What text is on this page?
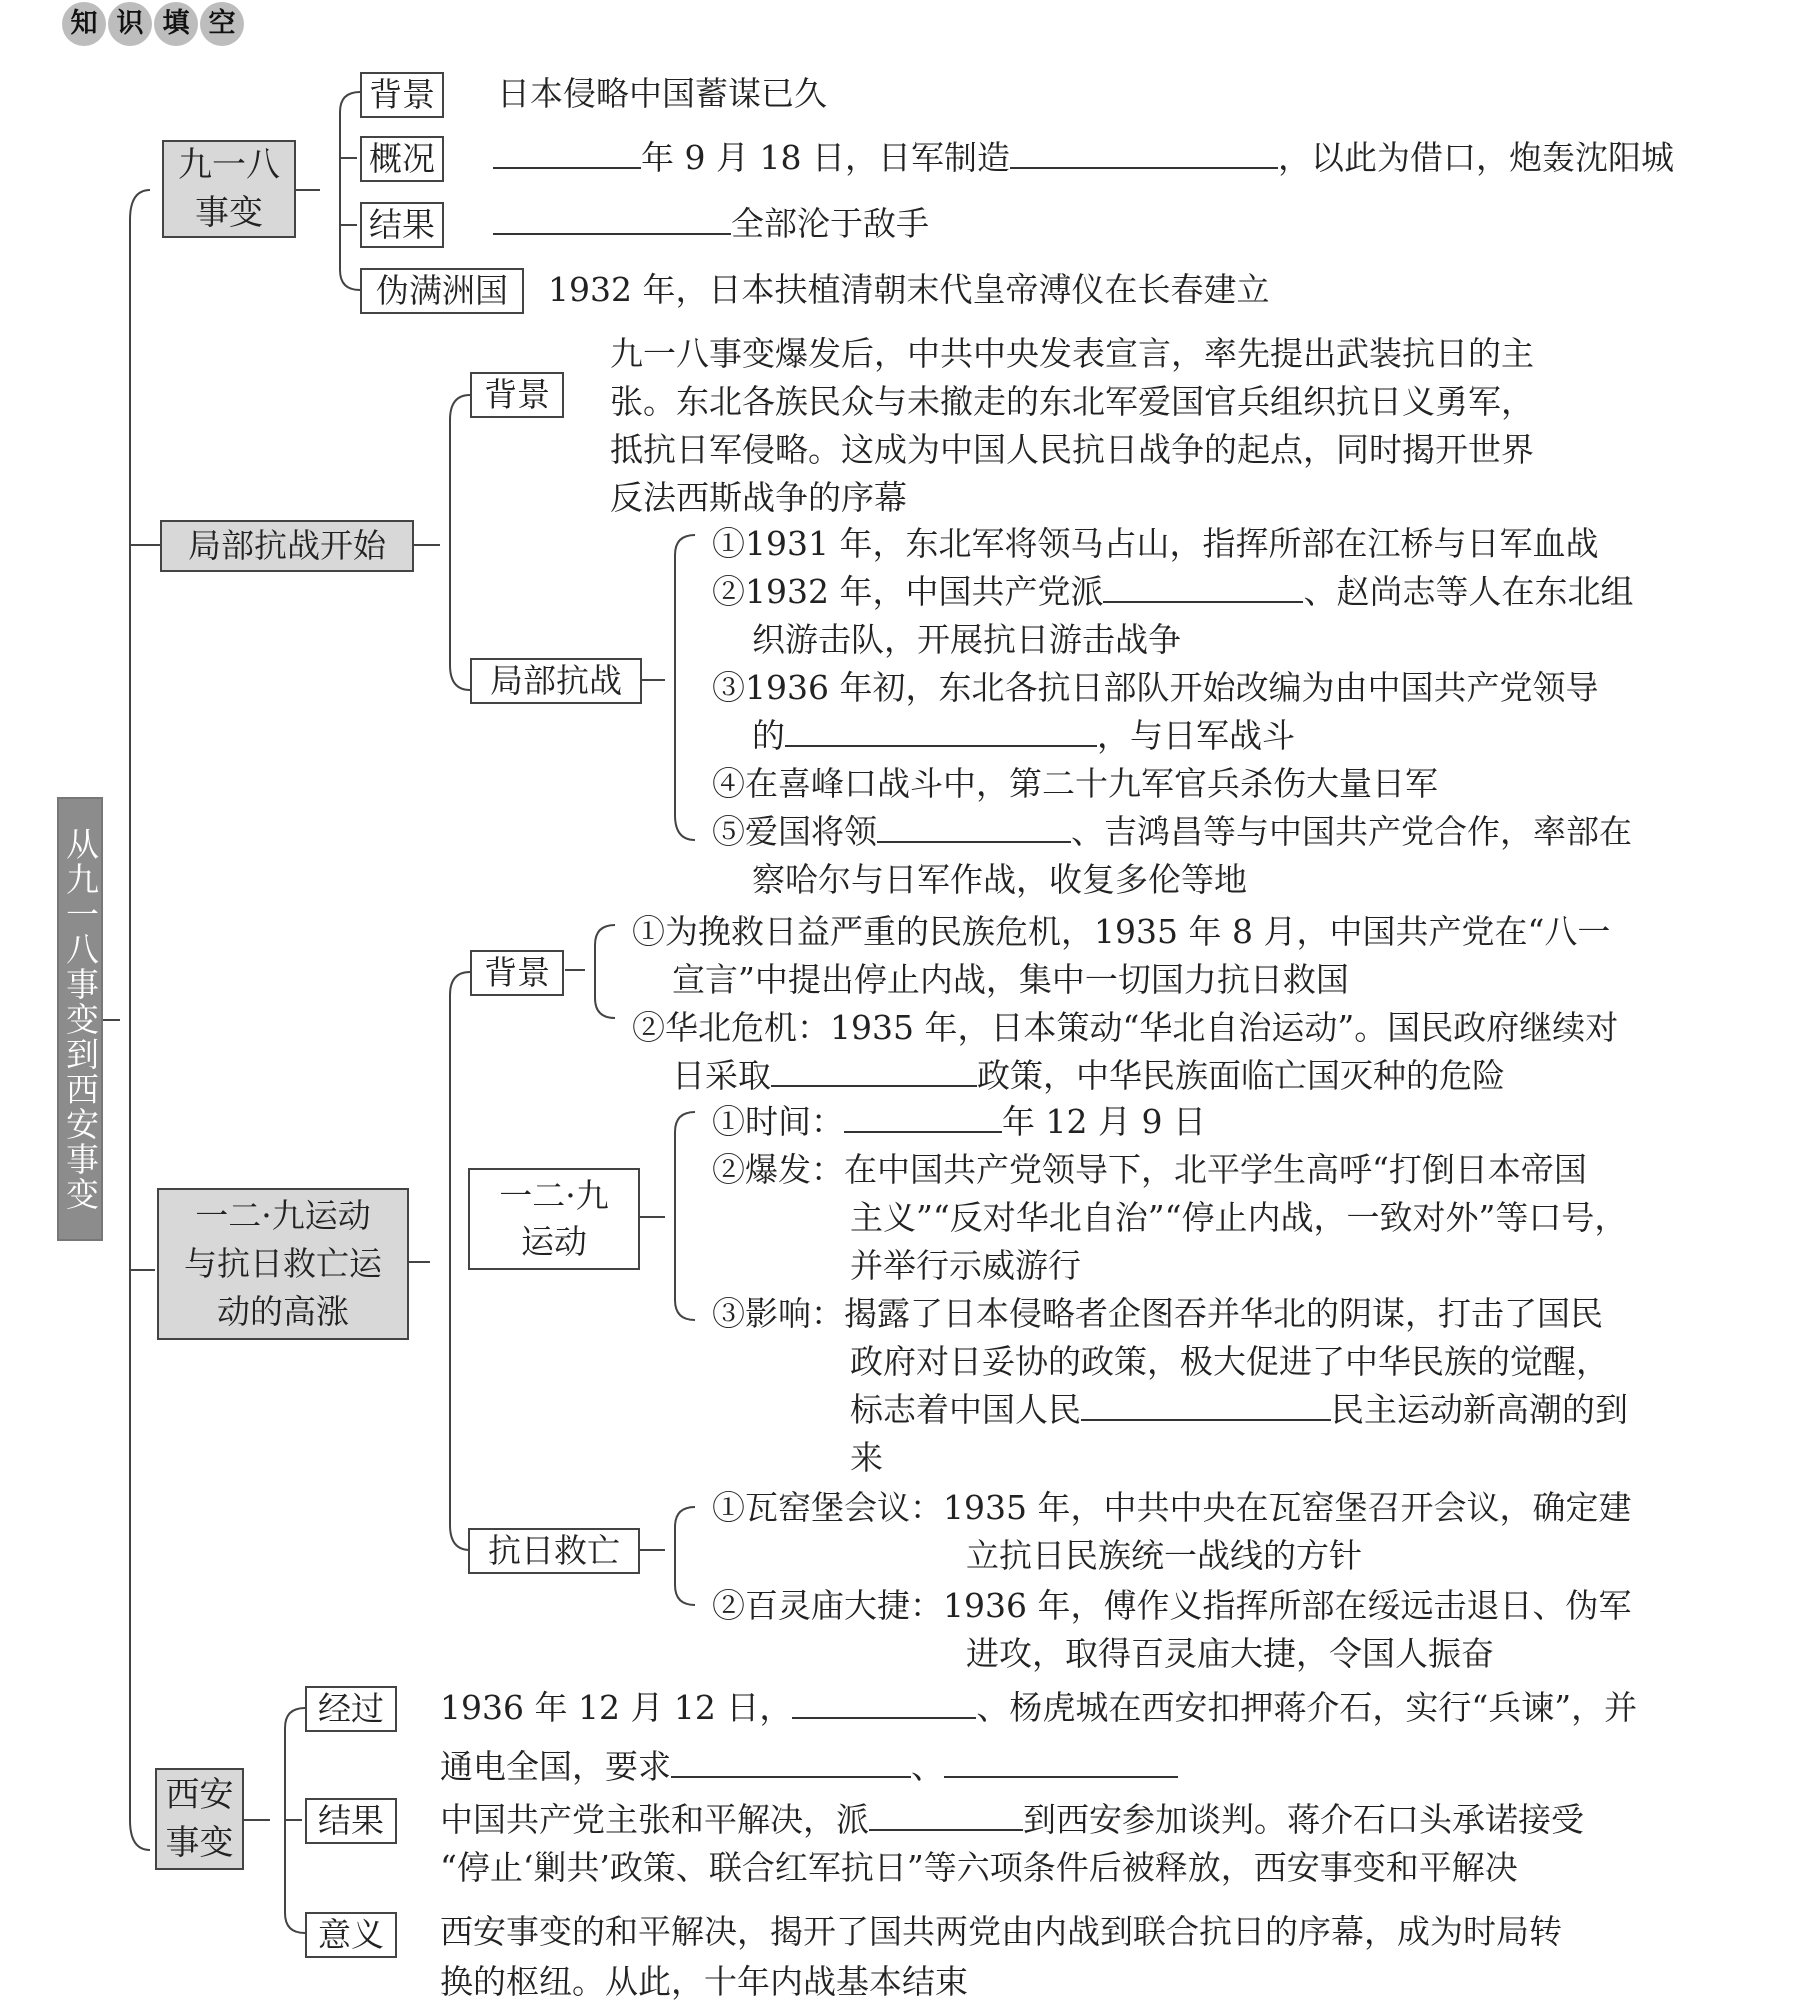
知 识 填 空
从九一八事变到西安事变
九一八
事变
背景 日本侵略中国蓄谋已久
概况	年 9 月 18 日，日军制造	，以此为借口，炮轰沈阳城
结果	全部沦于敌手
伪满洲国	1932 年，日本扶植清朝末代皇帝溥仪在长春建立
局部抗战开始
背景
九一八事变爆发后，中共中央发表宣言，率先提出武装抗日的主
张。东北各族民众与未撤走的东北军爱国官兵组织抗日义勇军，
抵抗日军侵略。这成为中国人民抗日战争的起点，同时揭开世界
反法西斯战争的序幕
局部抗战
①1931 年，东北军将领马占山，指挥所部在江桥与日军血战
②1932 年，中国共产党派	、赵尚志等人在东北组
织游击队，开展抗日游击战争
③1936 年初，东北各抗日部队开始改编为由中国共产党领导
的	，与日军战斗
④在喜峰口战斗中，第二十九军官兵杀伤大量日军
⑤爱国将领	、吉鸿昌等与中国共产党合作，率部在
察哈尔与日军作战，收复多伦等地
一二·九运动
与抗日救亡运
动的高涨
背景
①为挽救日益严重的民族危机，1935 年 8 月，中国共产党在“八一
宣言”中提出停止内战，集中一切国力抗日救国
②华北危机：1935 年，日本策动“华北自治运动”。国民政府继续对
日采取	政策，中华民族面临亡国灭种的危险
一二·九
运动
①时间：	年 12 月 9 日
②爆发：在中国共产党领导下，北平学生高呼“打倒日本帝国
主义”“反对华北自治”“停止内战，一致对外”等口号，
并举行示威游行
③影响：揭露了日本侵略者企图吞并华北的阴谋，打击了国民
政府对日妥协的政策，极大促进了中华民族的觉醒，
标志着中国人民	民主运动新高潮的到
来
抗日救亡
①瓦窑堡会议：1935 年，中共中央在瓦窑堡召开会议，确定建
立抗日民族统一战线的方针
②百灵庙大捷：1936 年，傅作义指挥所部在绥远击退日、伪军
进攻，取得百灵庙大捷，令国人振奋
西安
事变
经过	1936 年 12 月 12 日，	、杨虎城在西安扣押蒋介石，实行“兵谏”，并
通电全国，要求	、
结果	中国共产党主张和平解决，派	到西安参加谈判。蒋介石口头承诺接受
“停止‘剿共’政策、联合红军抗日”等六项条件后被释放，西安事变和平解决
意义	西安事变的和平解决，揭开了国共两党由内战到联合抗日的序幕，成为时局转
换的枢纽。从此，十年内战基本结束
